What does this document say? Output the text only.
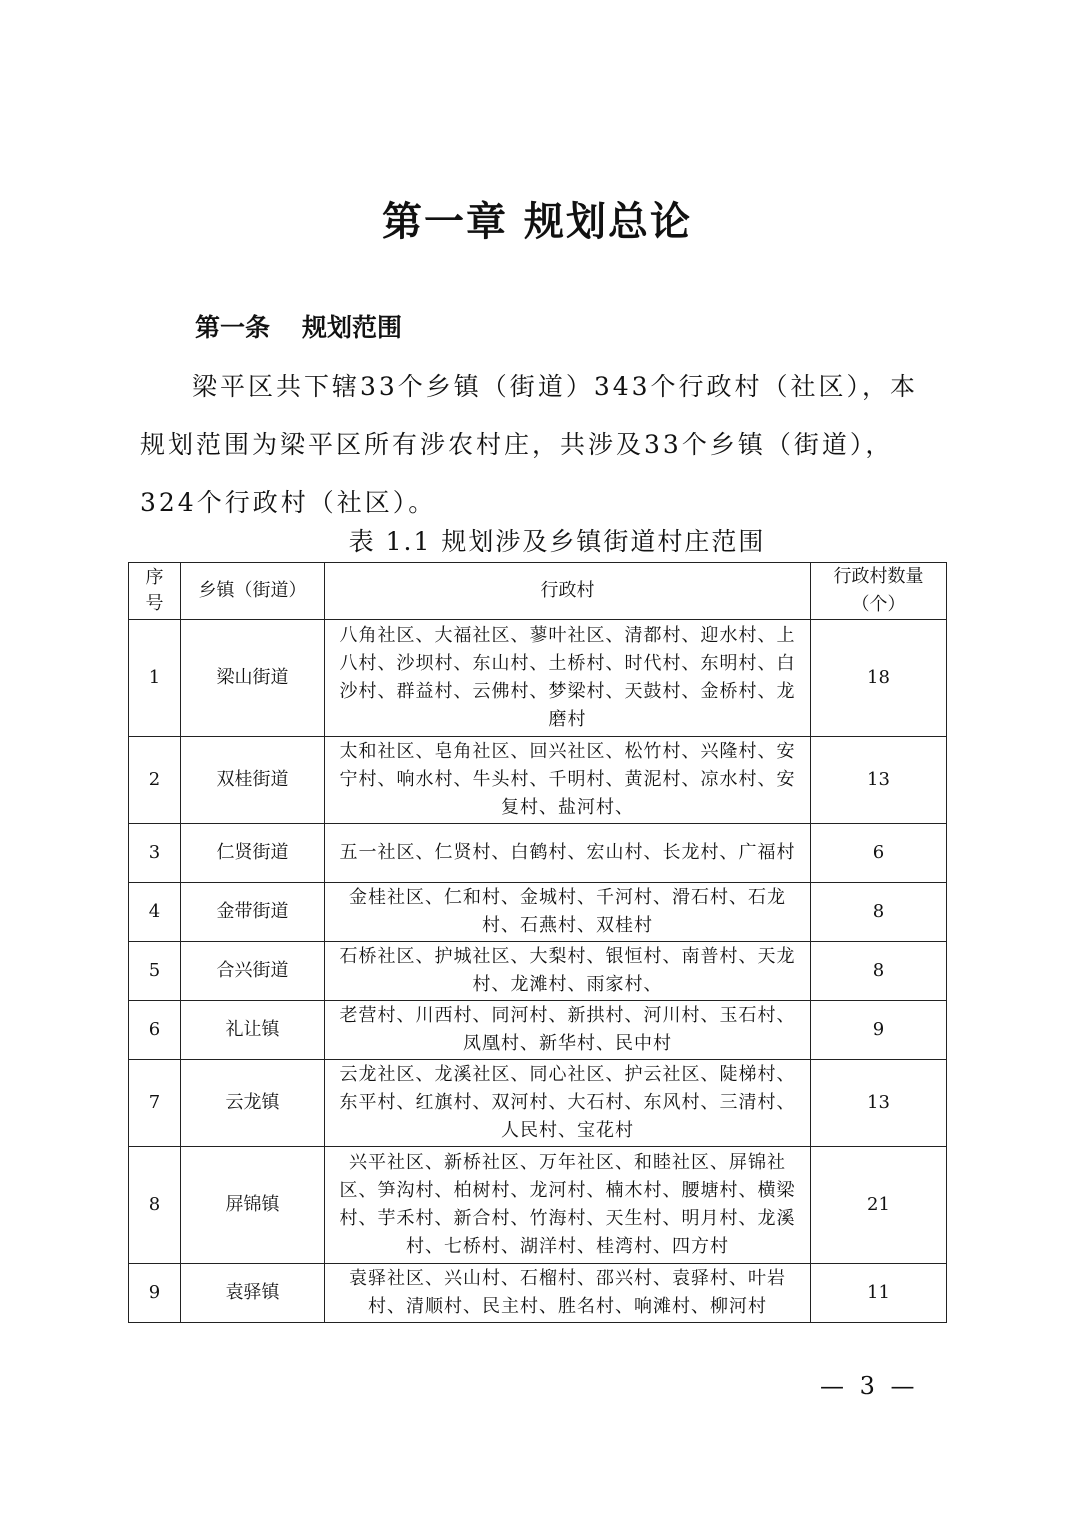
第一章 规划总论
第一条 规划范围

梁平区共下辖33个乡镇（街道）343个行政村（社区），本规划范围为梁平区所有涉农村庄，共涉及33个乡镇（街道），324个行政村（社区）。

表 1.1 规划涉及乡镇街道村庄范围
序号	乡镇（街道）	行政村	行政村数量（个）

1	梁山街道	八角社区、大福社区、蓼叶社区、清都村、迎水村、上八村、沙坝村、东山村、土桥村、时代村、东明村、白沙村、群益村、云佛村、梦梁村、天鼓村、金桥村、龙磨村	18
2	双桂街道	太和社区、皂角社区、回兴社区、松竹村、兴隆村、安宁村、响水村、牛头村、千明村、黄泥村、凉水村、安复村、盐河村、	13
3	仁贤街道	五一社区、仁贤村、白鹤村、宏山村、长龙村、广福村	6
4	金带街道	金桂社区、仁和村、金城村、千河村、滑石村、石龙村、石燕村、双桂村	8
5	合兴街道	石桥社区、护城社区、大梨村、银恒村、南普村、天龙村、龙滩村、雨家村、	8
6	礼让镇	老营村、川西村、同河村、新拱村、河川村、玉石村、凤凰村、新华村、民中村	9
7	云龙镇	云龙社区、龙溪社区、同心社区、护云社区、陡梯村、东平村、红旗村、双河村、大石村、东风村、三清村、人民村、宝花村	13
8	屏锦镇	兴平社区、新桥社区、万年社区、和睦社区、屏锦社区、笋沟村、柏树村、龙河村、楠木村、腰塘村、横梁村、芋禾村、新合村、竹海村、天生村、明月村、龙溪村、七桥村、湖洋村、桂湾村、四方村	21
9	袁驿镇	袁驿社区、兴山村、石榴村、邵兴村、袁驿村、叶岩村、清顺村、民主村、胜名村、响滩村、柳河村	11
— 3 —
